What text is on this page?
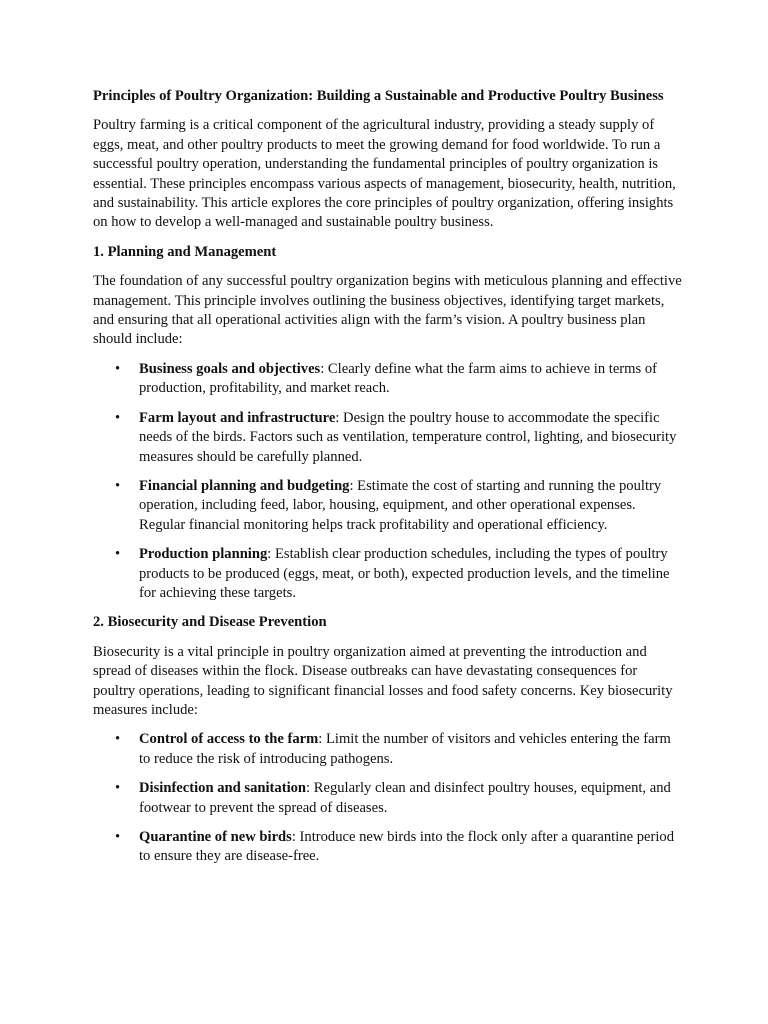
Principles of Poultry Organization: Building a Sustainable and Productive Poultry Business

Poultry farming is a critical component of the agricultural industry, providing a steady supply of eggs, meat, and other poultry products to meet the growing demand for food worldwide. To run a successful poultry operation, understanding the fundamental principles of poultry organization is essential. These principles encompass various aspects of management, biosecurity, health, nutrition, and sustainability. This article explores the core principles of poultry organization, offering insights on how to develop a well-managed and sustainable poultry business.

1. Planning and Management

The foundation of any successful poultry organization begins with meticulous planning and effective management. This principle involves outlining the business objectives, identifying target markets, and ensuring that all operational activities align with the farm’s vision. A poultry business plan should include:

• Business goals and objectives: Clearly define what the farm aims to achieve in terms of production, profitability, and market reach.
• Farm layout and infrastructure: Design the poultry house to accommodate the specific needs of the birds. Factors such as ventilation, temperature control, lighting, and biosecurity measures should be carefully planned.
• Financial planning and budgeting: Estimate the cost of starting and running the poultry operation, including feed, labor, housing, equipment, and other operational expenses. Regular financial monitoring helps track profitability and operational efficiency.
• Production planning: Establish clear production schedules, including the types of poultry products to be produced (eggs, meat, or both), expected production levels, and the timeline for achieving these targets.
2. Biosecurity and Disease Prevention

Biosecurity is a vital principle in poultry organization aimed at preventing the introduction and spread of diseases within the flock. Disease outbreaks can have devastating consequences for poultry operations, leading to significant financial losses and food safety concerns. Key biosecurity measures include:

• Control of access to the farm: Limit the number of visitors and vehicles entering the farm to reduce the risk of introducing pathogens.
• Disinfection and sanitation: Regularly clean and disinfect poultry houses, equipment, and footwear to prevent the spread of diseases.
• Quarantine of new birds: Introduce new birds into the flock only after a quarantine period to ensure they are disease-free.
